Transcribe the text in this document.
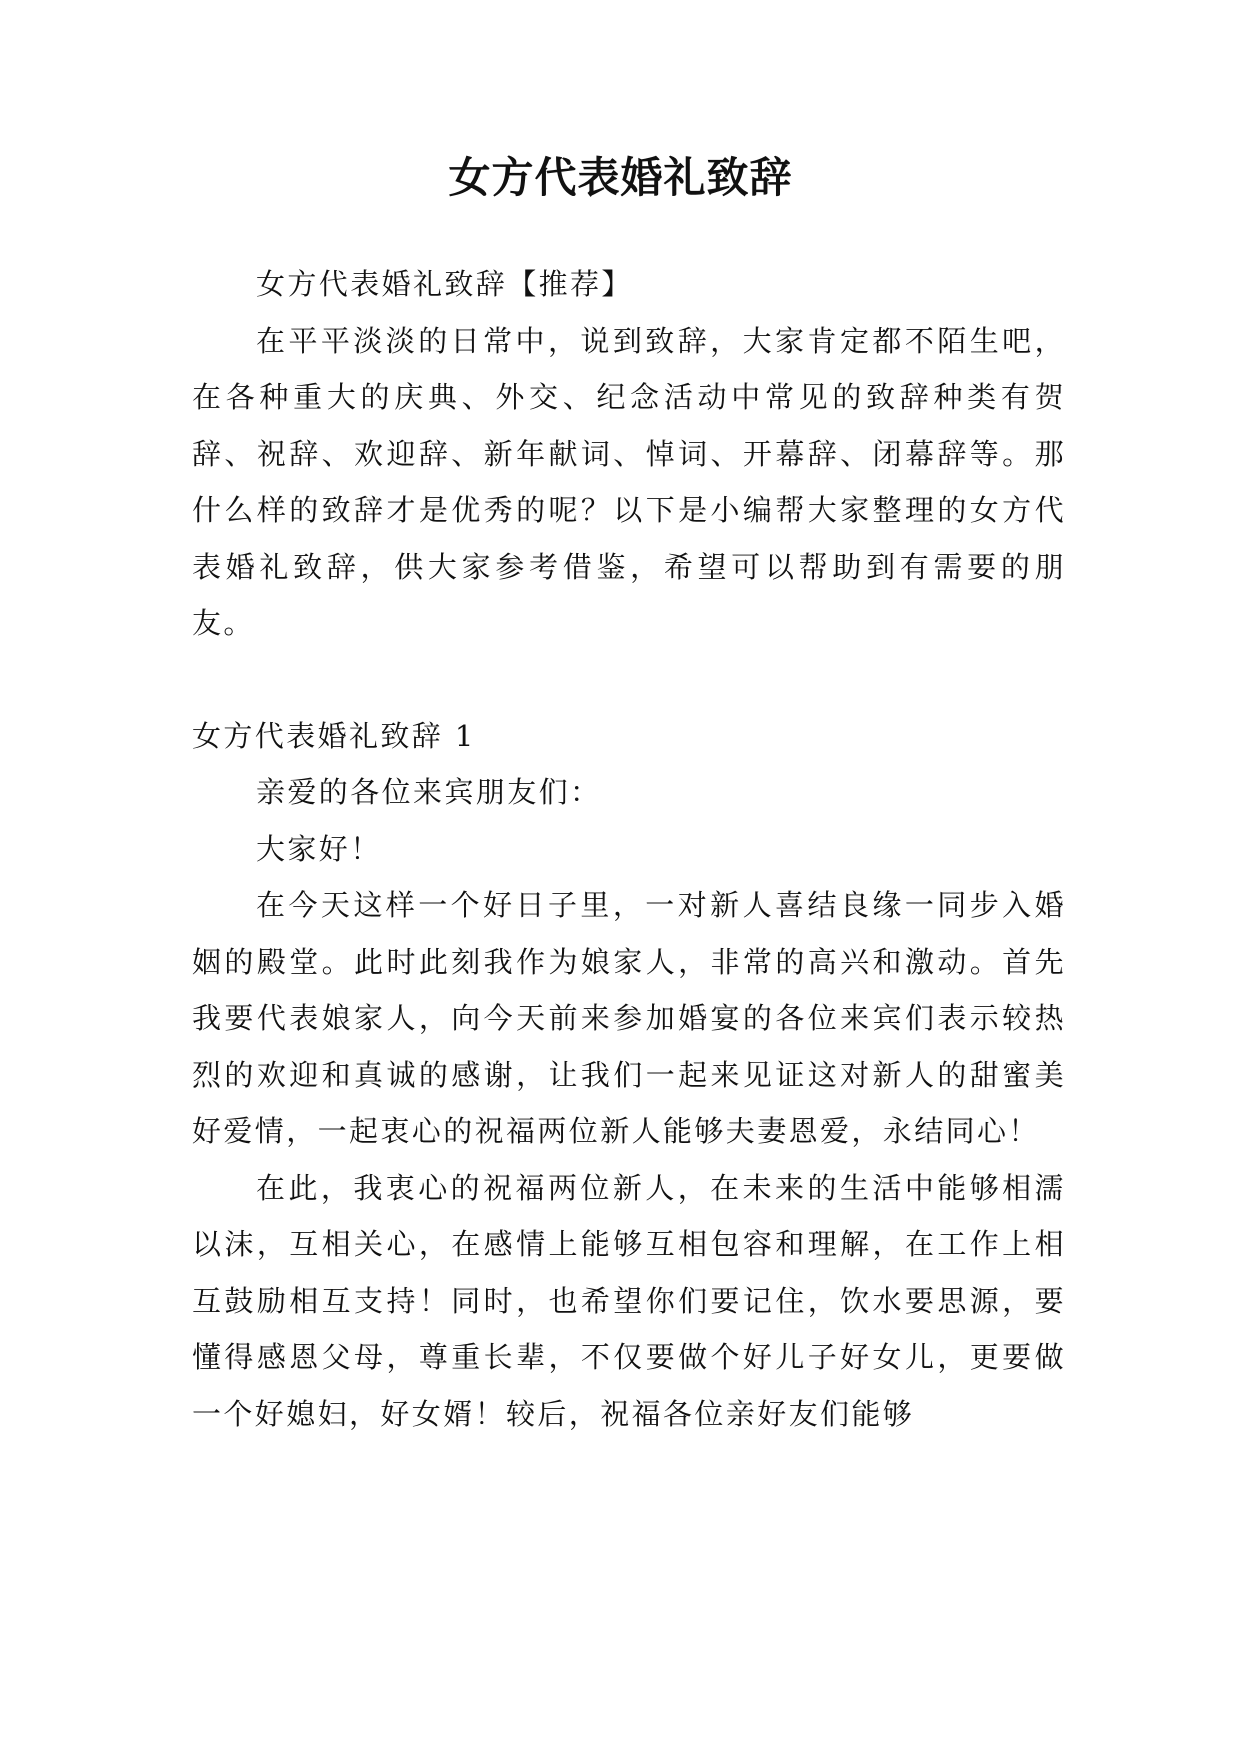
女方代表婚礼致辞

女方代表婚礼致辞【推荐】

在平平淡淡的日常中，说到致辞，大家肯定都不陌生吧，在各种重大的庆典、外交、纪念活动中常见的致辞种类有贺辞、祝辞、欢迎辞、新年献词、悼词、开幕辞、闭幕辞等。那什么样的致辞才是优秀的呢？以下是小编帮大家整理的女方代表婚礼致辞，供大家参考借鉴，希望可以帮助到有需要的朋友。

女方代表婚礼致辞 1

亲爱的各位来宾朋友们：

大家好！

在今天这样一个好日子里，一对新人喜结良缘一同步入婚姻的殿堂。此时此刻我作为娘家人，非常的高兴和激动。首先我要代表娘家人，向今天前来参加婚宴的各位来宾们表示较热烈的欢迎和真诚的感谢，让我们一起来见证这对新人的甜蜜美好爱情，一起衷心的祝福两位新人能够夫妻恩爱，永结同心！

在此，我衷心的祝福两位新人，在未来的生活中能够相濡以沫，互相关心，在感情上能够互相包容和理解，在工作上相互鼓励相互支持！同时，也希望你们要记住，饮水要思源，要懂得感恩父母，尊重长辈，不仅要做个好儿子好女儿，更要做一个好媳妇，好女婿！较后，祝福各位亲好友们能够
